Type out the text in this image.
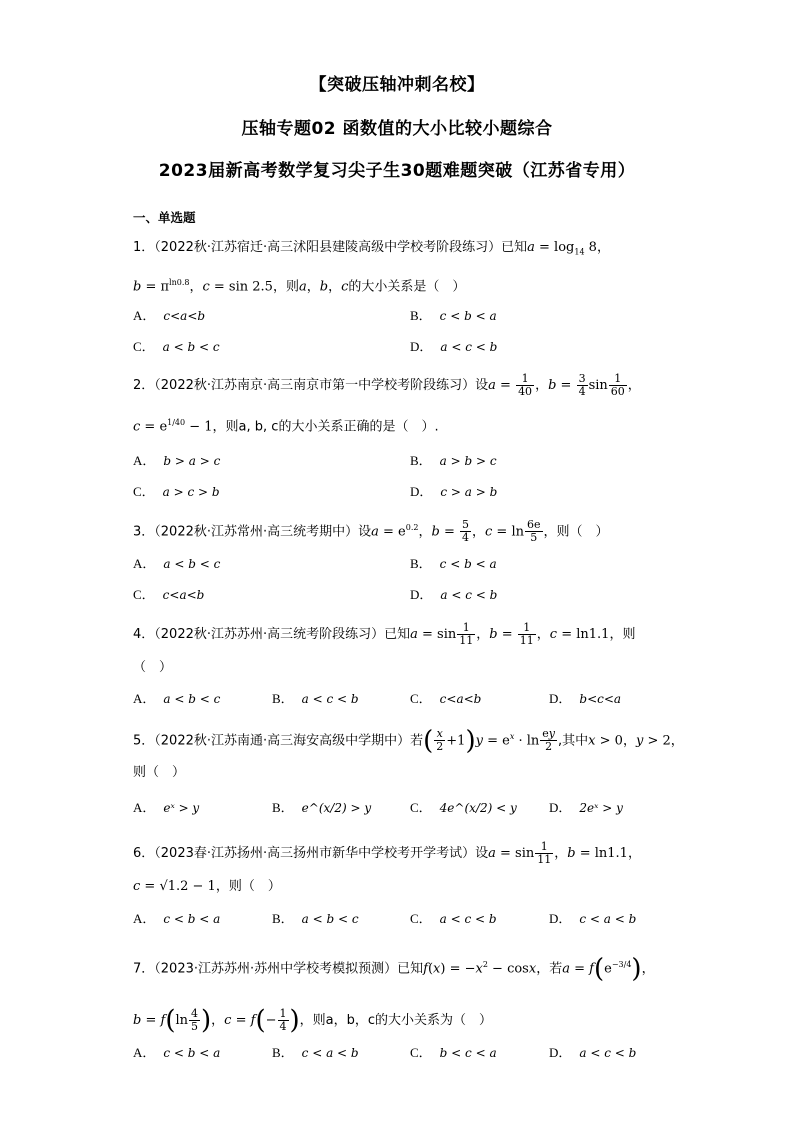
【突破压轴冲刺名校】
压轴专题02 函数值的大小比较小题综合
2023届新高考数学复习尖子生30题难题突破（江苏省专用）
一、单选题
1．（2022秋·江苏宿迁·高三沭阳县建陵高级中学校考阶段练习）已知$a = \log_{14} 8$，
$b = \pi^{ln0.8}$，c = sin 2.5，则a，b，c的大小关系是（　）
A． c<a<b	B． c < b < a
C． a < b < c	D． a < c < b
2．（2022秋·江苏南京·高三南京市第一中学校考阶段练习）设$a = \frac{1}{40}$ ，$b = \frac{3}{4}$ $\sin \frac{1}{60}$ ，
$c = e^{1/40} - 1$，则a, b, c的大小关系正确的是（　）.
A． b > a > c	B． a > b > c
C． a > c > b	D． c > a > b
3．（2022秋·江苏常州·高三统考期中）设$a = e^{0.2}$，$b = \frac{5}{4}$ ，$c = \ln \frac{6e}{5}$ ，则（　）
A． a < b < c	B． c < b < a
C． c<a<b	D． a < c < b
4．（2022秋·江苏苏州·高三统考阶段练习）已知$a = \sin \frac{1}{11}$ ，$b = \frac{1}{11}$ ，c = ln1.1，则
（　）
A． a < b < c	B． a < c < b	C． c<a<b	D． b<c<a
5．（2022秋·江苏南通·高三海安高级中学期中）若( $\frac{x}{2} +1)y = e^x \cdot \ln \frac{ey}{2}$ ,其中x > 0，y > 2，
则（　）
A． eˣ > y	B． e^(x/2) > y	C． 4e^(x/2) < y D． 2eˣ > y
6．（2023春·江苏扬州·高三扬州市新华中学校考开学考试）设$a = \sin \frac{1}{11}$ ，b = ln1.1，
c = √1.2 − 1，则（　）
A． c < b < a	B． a < b < c	C． a < c < b	D． c < a < b
7．（2023·江苏苏州·苏州中学校考模拟预测）已知$f(x) = -x^2 - \cos x$，若$a = f(e^{-3/4})$，
$b = f(\ln \frac{4}{5}$ )，$c = f(- \frac{1}{4}$ )，则a，b，c的大小关系为（　）
A． c < b < a	B． c < a < b	C． b < c < a	D． a < c < b
